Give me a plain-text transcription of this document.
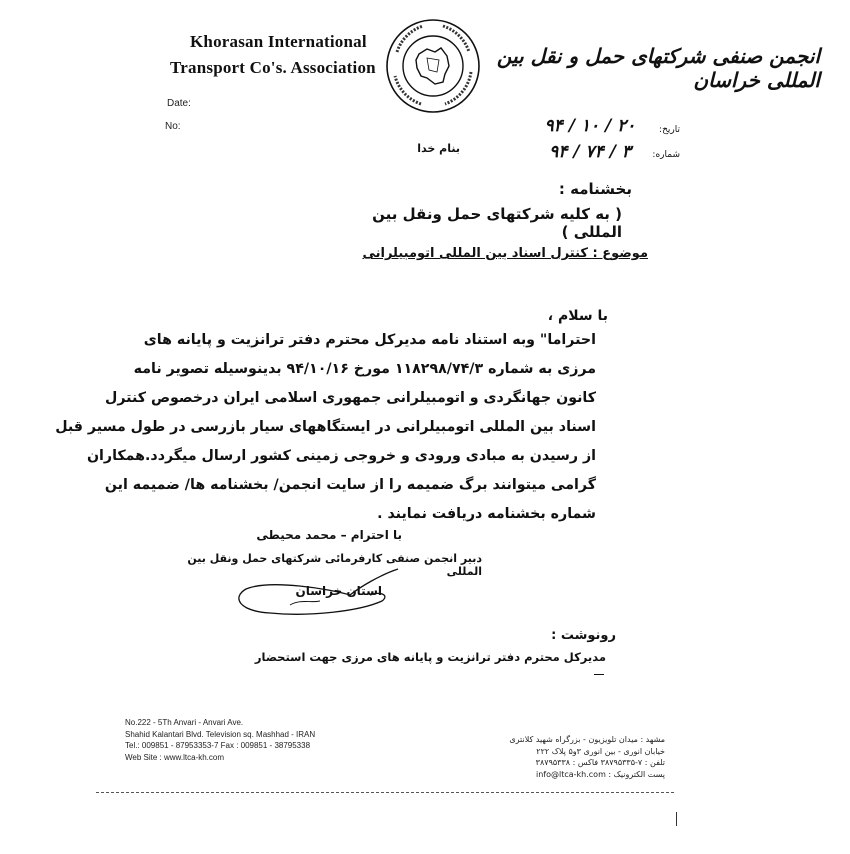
Khorasan International
Transport Co's. Association	انجمن صنفی شرکتهای حمل و نقل بین المللی خراسان
Date:
No:	تاریخ:
۹۴ / ۱۰ / ۲۰
شماره:
۹۴ / ۷۴ / ۳
بنام خدا
بخشنامه :
( به کلیه شرکتهای حمل ونقل بین المللی )
موضوع : کنترل اسناد بین المللی اتومبیلرانی
با سلام ،
احتراما" وبه استناد نامه مدیرکل محترم دفتر ترانزیت و پایانه های
مرزی به شماره ۱۱۸۲۹۸/۷۴/۳ مورخ ۹۴/۱۰/۱۶ بدینوسیله تصویر نامه
کانون جهانگردی و اتومبیلرانی جمهوری اسلامی ایران درخصوص کنترل
اسناد بین المللی اتومبیلرانی در ایستگاههای سیار بازرسی در طول مسیر قبل
از رسیدن به مبادی ورودی و خروجی زمینی کشور ارسال میگردد.همکاران
گرامی میتوانند برگ ضمیمه را از سایت انجمن/ بخشنامه ها/ ضمیمه این
شماره بخشنامه دریافت نمایند .
با احترام – محمد محیطی
دبیر انجمن صنفی کارفرمائی شرکتهای حمل ونقل بین المللی
استان خراسان
رونوشت :
مدیرکل محترم دفتر ترانزیت و پایانه های مرزی جهت استحضار
No.222 - 5Th Anvari - Anvari Ave.
Shahid Kalantari Blvd. Television sq. Mashhad - IRAN
Tel.: 009851 - 87953353-7 Fax : 009851 - 38795338
Web Site : www.ltca-kh.com
مشهد : میدان تلویزیون - بزرگراه شهید کلانتری
خیابان انوری - بین انوری ۳و۵ پلاک ۲۲۲
تلفن : ۷-۳۸۷۹۵۳۳۵ فاکس : ۳۸۷۹۵۳۳۸
پست الکترونیک : info@ltca-kh.com
